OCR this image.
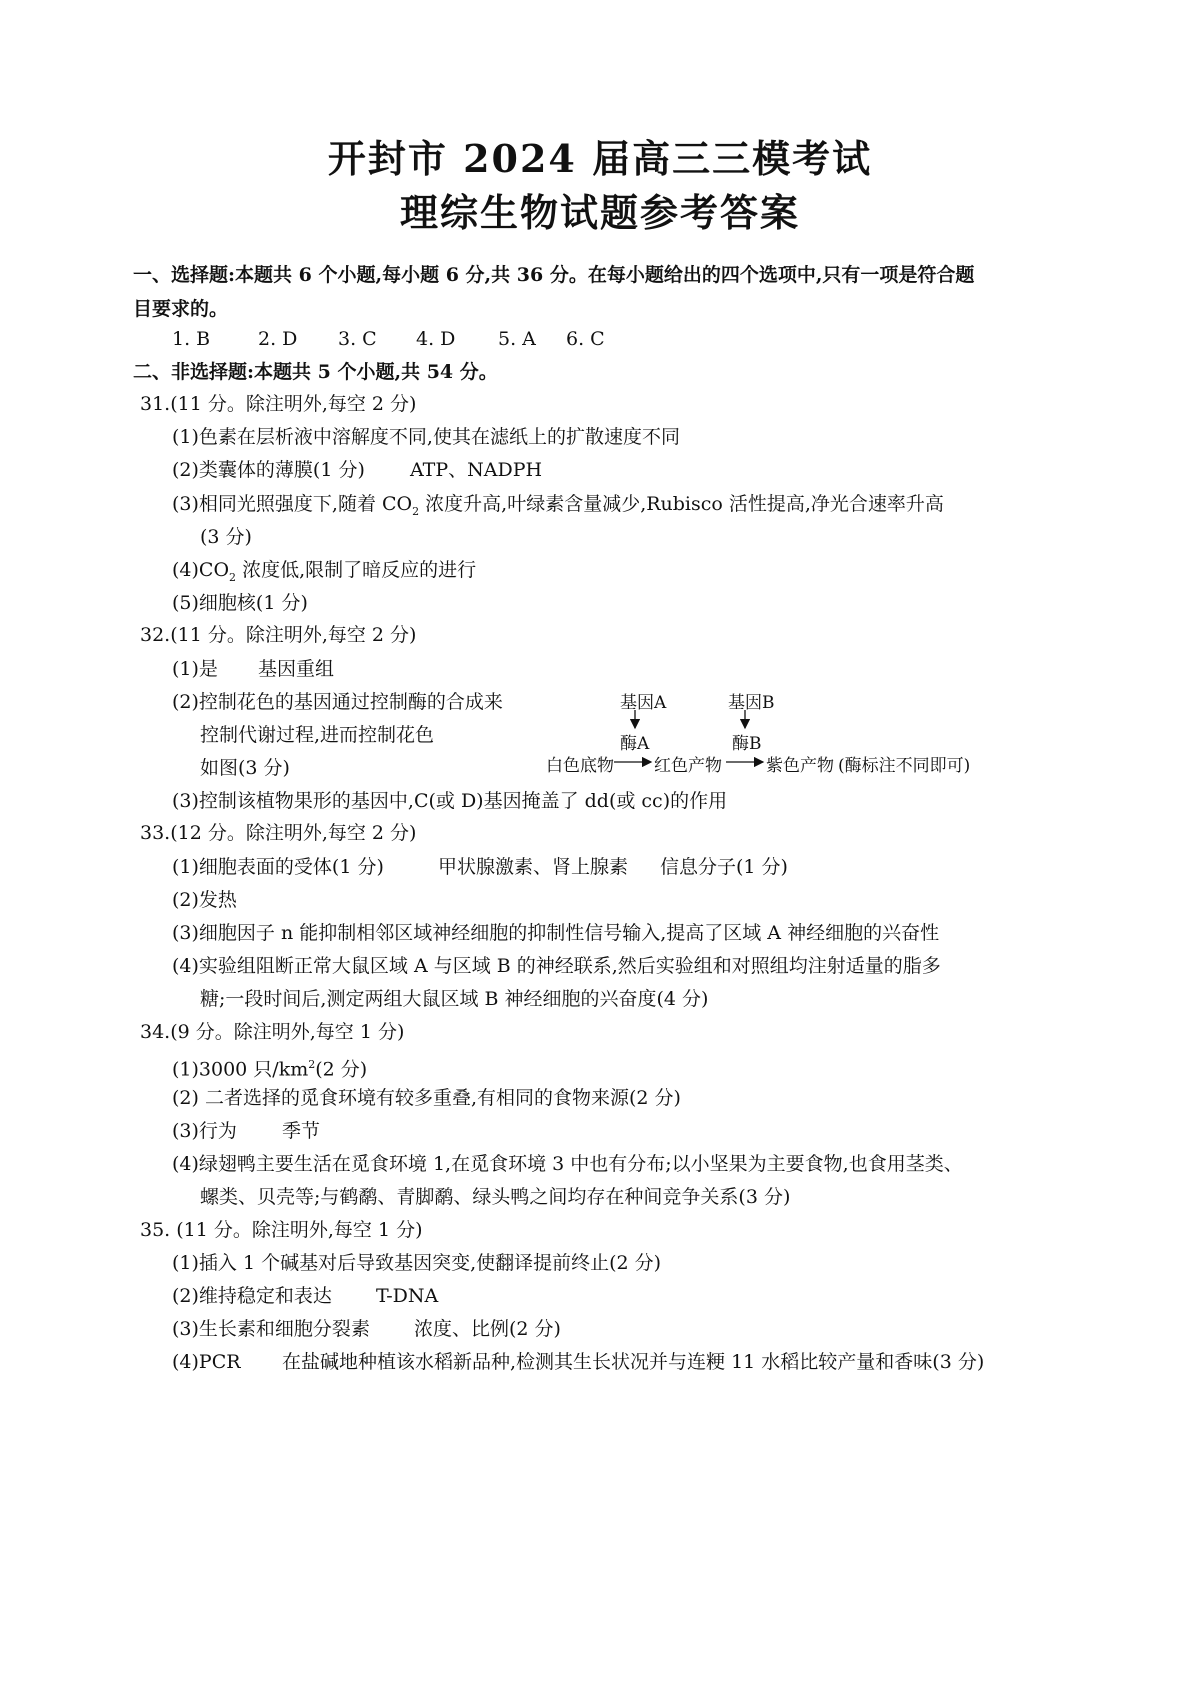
开封市 2024 届高三三模考试
理综生物试题参考答案
一、选择题:本题共 6 个小题,每小题 6 分,共 36 分。在每小题给出的四个选项中,只有一项是符合题
目要求的。
1. B	2. D 3. C 4. D 5. A 6. C
二、非选择题:本题共 5 个小题,共 54 分。
31.(11 分。除注明外,每空 2 分)
(1)色素在层析液中溶解度不同,使其在滤纸上的扩散速度不同
(2)类囊体的薄膜(1 分) ATP、NADPH
(3)相同光照强度下,随着 $CO_2$ 浓度升高,叶绿素含量减少,Rubisco 活性提高,净光合速率升高
(3 分)
$(4)CO_2$ 浓度低,限制了暗反应的进行
(5)细胞核(1 分)
32.(11 分。除注明外,每空 2 分)
(1)是 基因重组
(2)控制花色的基因通过控制酶的合成来
控制代谢过程,进而控制花色
如图(3 分)
基因A	基因B
酶A	酶B
白色底物 红色产物	紫色产物 (酶标注不同即可)
(3)控制该植物果形的基因中,C(或 D)基因掩盖了 dd(或 cc)的作用
33.(12 分。除注明外,每空 2 分)
(1)细胞表面的受体(1 分)	甲状腺激素、肾上腺素 信息分子(1 分)
(2)发热
(3)细胞因子 n 能抑制相邻区域神经细胞的抑制性信号输入,提高了区域 A 神经细胞的兴奋性
(4)实验组阻断正常大鼠区域 A 与区域 B 的神经联系,然后实验组和对照组均注射适量的脂多
糖;一段时间后,测定两组大鼠区域 B 神经细胞的兴奋度(4 分)
34.(9 分。除注明外,每空 1 分)
(1)3000 只$/km^2(2$ 分)
(2) 二者选择的觅食环境有较多重叠,有相同的食物来源(2 分)
(3)行为 季节
(4)绿翅鸭主要生活在觅食环境 1,在觅食环境 3 中也有分布;以小坚果为主要食物,也食用茎类、
螺类、贝壳等;与鹤鹬、青脚鹬、绿头鸭之间均存在种间竞争关系(3 分)
35. (11 分。除注明外,每空 1 分)
(1)插入 1 个碱基对后导致基因突变,使翻译提前终止(2 分)
(2)维持稳定和表达 T-DNA
(3)生长素和细胞分裂素 浓度、比例(2 分)
(4)PCR 在盐碱地种植该水稻新品种,检测其生长状况并与连粳 11 水稻比较产量和香味(3 分)
